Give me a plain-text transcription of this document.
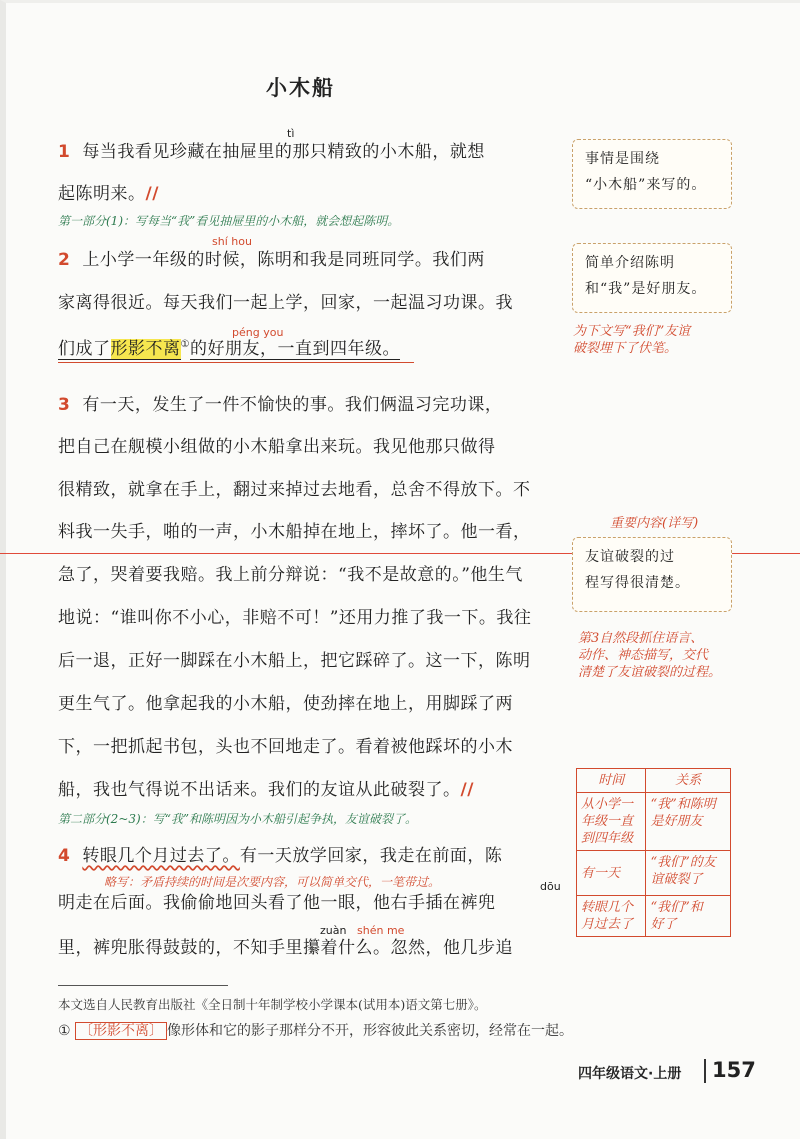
小木船
tì
1 每当我看见珍藏在抽屉里的那只精致的小木船，就想
起陈明来。//
第一部分(1)：写每当“我”看见抽屉里的小木船，就会想起陈明。
shí hou
2 上小学一年级的时候，陈明和我是同班同学。我们两
家离得很近。每天我们一起上学，回家，一起温习功课。我
péng you
们成了形影不离①的好朋友，一直到四年级。
3 有一天，发生了一件不愉快的事。我们俩温习完功课，
把自己在舰模小组做的小木船拿出来玩。我见他那只做得
很精致，就拿在手上，翻过来掉过去地看，总舍不得放下。不
料我一失手，啪的一声，小木船掉在地上，摔坏了。他一看，
急了，哭着要我赔。我上前分辩说：“我不是故意的。”他生气
地说：“谁叫你不小心，非赔不可！”还用力推了我一下。我往
后一退，正好一脚踩在小木船上，把它踩碎了。这一下，陈明
更生气了。他拿起我的小木船，使劲摔在地上，用脚踩了两
下，一把抓起书包，头也不回地走了。看着被他踩坏的小木
船，我也气得说不出话来。我们的友谊从此破裂了。//
第二部分(2~3)：写“我”和陈明因为小木船引起争执，友谊破裂了。
4 转眼几个月过去了。有一天放学回家，我走在前面，陈
略写：矛盾持续的时间是次要内容，可以简单交代，一笔带过。	dōu
明走在后面。我偷偷地回头看了他一眼，他右手插在裤兜
zuàn shén me
里，裤兜胀得鼓鼓的，不知手里攥着什么。忽然，他几步追
事情是围绕
“小木船”来写的。
简单介绍陈明
和“我”是好朋友。
为下文写“我们”友谊
破裂埋下了伏笔。
重要内容(详写)
友谊破裂的过
程写得很清楚。
第3自然段抓住语言、
动作、神态描写，交代
清楚了友谊破裂的过程。
时间	关系
从小学一
年级一直
到四年级	“我”和陈明
是好朋友
有一天	“我们”的友
谊破裂了
转眼几个
月过去了	“我们”和
好了
本文选自人民教育出版社《全日制十年制学校小学课本(试用本)语文第七册》。
① 〔形影不离〕 像形体和它的影子那样分不开，形容彼此关系密切，经常在一起。
四年级语文·上册 157
